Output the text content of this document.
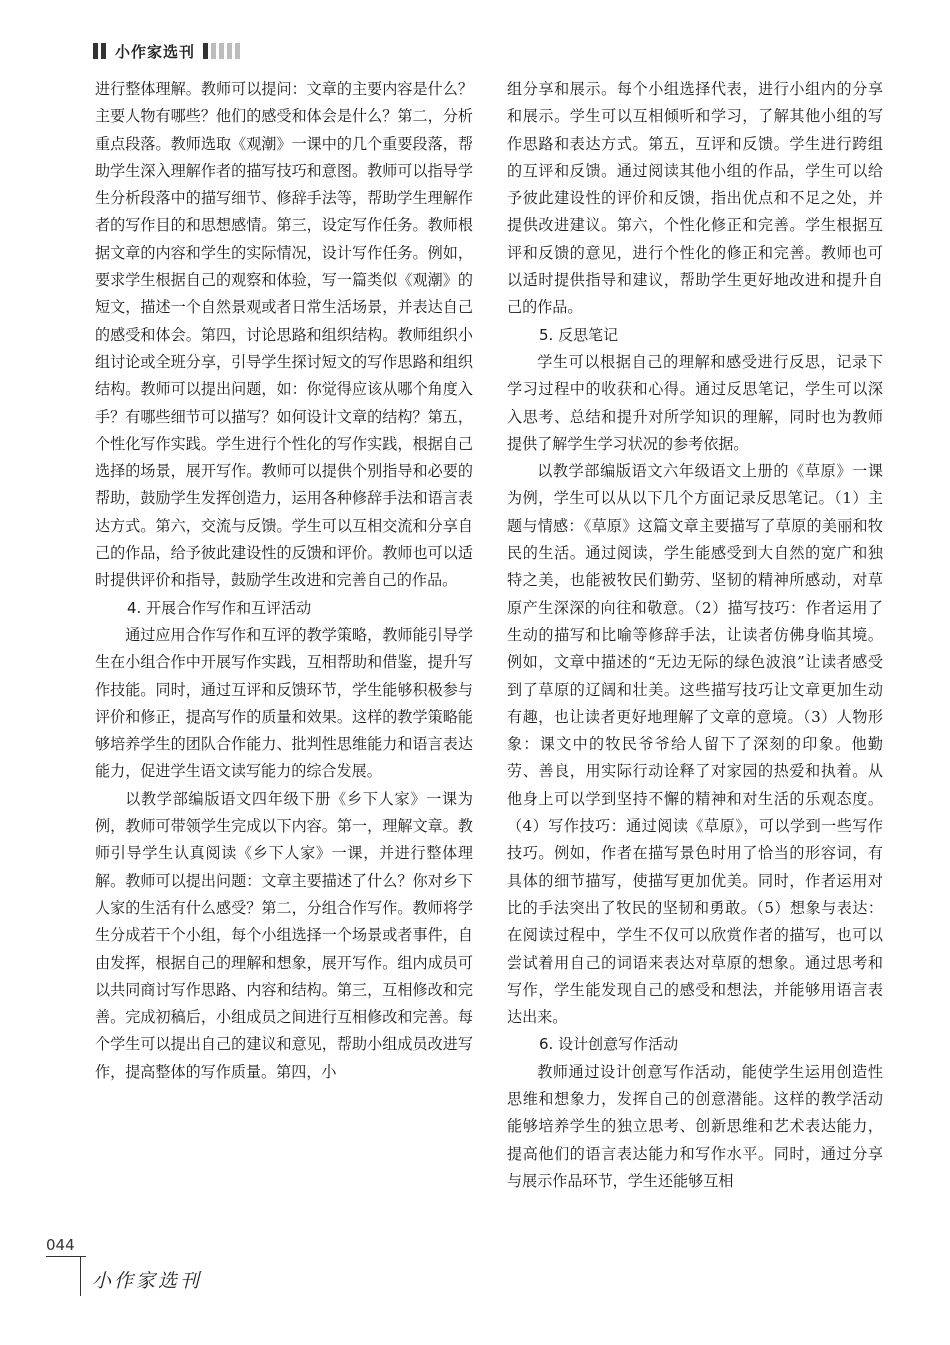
小作家选刊

进行整体理解。教师可以提问：文章的主要内容是什么？主要人物有哪些？他们的感受和体会是什么？第二，分析重点段落。教师选取《观潮》一课中的几个重要段落，帮助学生深入理解作者的描写技巧和意图。教师可以指导学生分析段落中的描写细节、修辞手法等，帮助学生理解作者的写作目的和思想感情。第三，设定写作任务。教师根据文章的内容和学生的实际情况，设计写作任务。例如，要求学生根据自己的观察和体验，写一篇类似《观潮》的短文，描述一个自然景观或者日常生活场景，并表达自己的感受和体会。第四，讨论思路和组织结构。教师组织小组讨论或全班分享，引导学生探讨短文的写作思路和组织结构。教师可以提出问题，如：你觉得应该从哪个角度入手？有哪些细节可以描写？如何设计文章的结构？第五，个性化写作实践。学生进行个性化的写作实践，根据自己选择的场景，展开写作。教师可以提供个别指导和必要的帮助，鼓励学生发挥创造力，运用各种修辞手法和语言表达方式。第六，交流与反馈。学生可以互相交流和分享自己的作品，给予彼此建设性的反馈和评价。教师也可以适时提供评价和指导，鼓励学生改进和完善自己的作品。

4. 开展合作写作和互评活动

通过应用合作写作和互评的教学策略，教师能引导学生在小组合作中开展写作实践，互相帮助和借鉴，提升写作技能。同时，通过互评和反馈环节，学生能够积极参与评价和修正，提高写作的质量和效果。这样的教学策略能够培养学生的团队合作能力、批判性思维能力和语言表达能力，促进学生语文读写能力的综合发展。

以教学部编版语文四年级下册《乡下人家》一课为例，教师可带领学生完成以下内容。第一，理解文章。教师引导学生认真阅读《乡下人家》一课，并进行整体理解。教师可以提出问题：文章主要描述了什么？你对乡下人家的生活有什么感受？第二，分组合作写作。教师将学生分成若干个小组，每个小组选择一个场景或者事件，自由发挥，根据自己的理解和想象，展开写作。组内成员可以共同商讨写作思路、内容和结构。第三，互相修改和完善。完成初稿后，小组成员之间进行互相修改和完善。每个学生可以提出自己的建议和意见，帮助小组成员改进写作，提高整体的写作质量。第四，小

组分享和展示。每个小组选择代表，进行小组内的分享和展示。学生可以互相倾听和学习，了解其他小组的写作思路和表达方式。第五，互评和反馈。学生进行跨组的互评和反馈。通过阅读其他小组的作品，学生可以给予彼此建设性的评价和反馈，指出优点和不足之处，并提供改进建议。第六，个性化修正和完善。学生根据互评和反馈的意见，进行个性化的修正和完善。教师也可以适时提供指导和建议，帮助学生更好地改进和提升自己的作品。

5. 反思笔记

学生可以根据自己的理解和感受进行反思，记录下学习过程中的收获和心得。通过反思笔记，学生可以深入思考、总结和提升对所学知识的理解，同时也为教师提供了解学生学习状况的参考依据。

以教学部编版语文六年级语文上册的《草原》一课为例，学生可以从以下几个方面记录反思笔记。（1）主题与情感：《草原》这篇文章主要描写了草原的美丽和牧民的生活。通过阅读，学生能感受到大自然的宽广和独特之美，也能被牧民们勤劳、坚韧的精神所感动，对草原产生深深的向往和敬意。（2）描写技巧：作者运用了生动的描写和比喻等修辞手法，让读者仿佛身临其境。例如，文章中描述的“无边无际的绿色波浪”让读者感受到了草原的辽阔和壮美。这些描写技巧让文章更加生动有趣，也让读者更好地理解了文章的意境。（3）人物形象：课文中的牧民爷爷给人留下了深刻的印象。他勤劳、善良，用实际行动诠释了对家园的热爱和执着。从他身上可以学到坚持不懈的精神和对生活的乐观态度。（4）写作技巧：通过阅读《草原》，可以学到一些写作技巧。例如，作者在描写景色时用了恰当的形容词，有具体的细节描写，使描写更加优美。同时，作者运用对比的手法突出了牧民的坚韧和勇敢。（5）想象与表达：在阅读过程中，学生不仅可以欣赏作者的描写，也可以尝试着用自己的词语来表达对草原的想象。通过思考和写作，学生能发现自己的感受和想法，并能够用语言表达出来。

6. 设计创意写作活动

教师通过设计创意写作活动，能使学生运用创造性思维和想象力，发挥自己的创意潜能。这样的教学活动能够培养学生的独立思考、创新思维和艺术表达能力，提高他们的语言表达能力和写作水平。同时，通过分享与展示作品环节，学生还能够互相

044
小作家选刊
